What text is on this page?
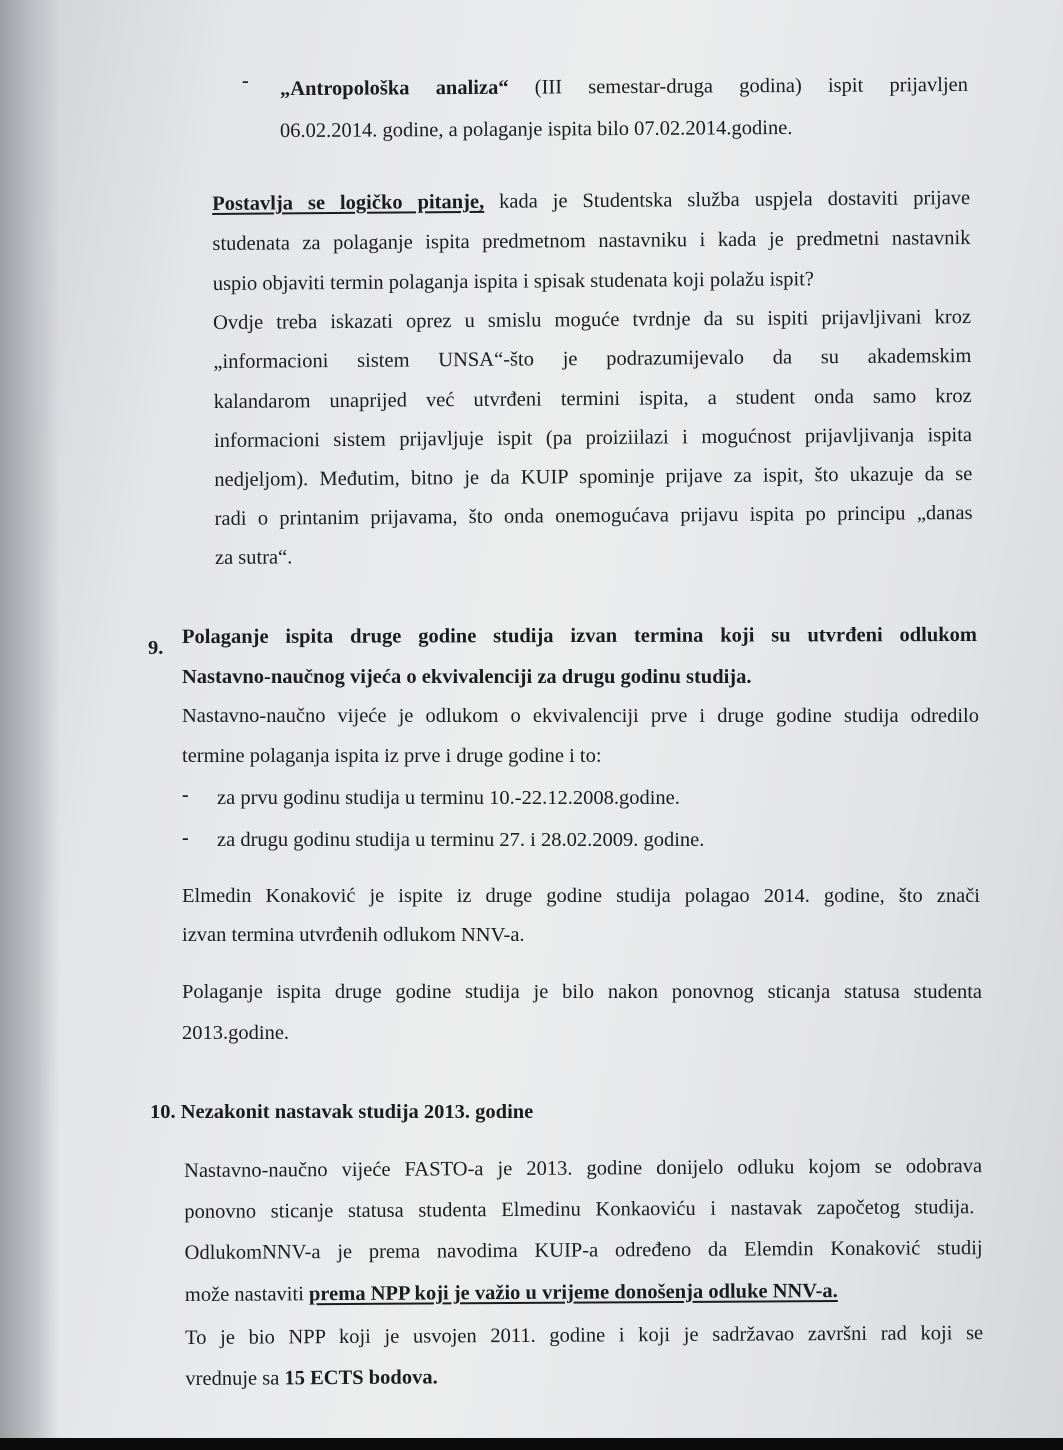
- „Antropološka analiza“ (III semestar-druga godina) ispit prijavljen
06.02.2014. godine, a polaganje ispita bilo 07.02.2014.godine.
Postavlja se logičko pitanje, kada je Studentska služba uspjela dostaviti prijave
studenata za polaganje ispita predmetnom nastavniku i kada je predmetni nastavnik
uspio objaviti termin polaganja ispita i spisak studenata koji polažu ispit?
Ovdje treba iskazati oprez u smislu moguće tvrdnje da su ispiti prijavljivani kroz
„informacioni sistem UNSA“-što je podrazumijevalo da su akademskim
kalandarom unaprijed već utvrđeni termini ispita, a student onda samo kroz
informacioni sistem prijavljuje ispit (pa proiziilazi i mogućnost prijavljivanja ispita
nedjeljom). Međutim, bitno je da KUIP spominje prijave za ispit, što ukazuje da se
radi o printanim prijavama, što onda onemogućava prijavu ispita po principu „danas
za sutra“.
9. Polaganje ispita druge godine studija izvan termina koji su utvrđeni odlukom
Nastavno-naučnog vijeća o ekvivalenciji za drugu godinu studija.
Nastavno-naučno vijeće je odlukom o ekvivalenciji prve i druge godine studija odredilo
termine polaganja ispita iz prve i druge godine i to:
- za prvu godinu studija u terminu 10.-22.12.2008.godine.
- za drugu godinu studija u terminu 27. i 28.02.2009. godine.
Elmedin Konaković je ispite iz druge godine studija polagao 2014. godine, što znači
izvan termina utvrđenih odlukom NNV-a.
Polaganje ispita druge godine studija je bilo nakon ponovnog sticanja statusa studenta
2013.godine.
10. Nezakonit nastavak studija 2013. godine
Nastavno-naučno vijeće FASTO-a je 2013. godine donijelo odluku kojom se odobrava
ponovno sticanje statusa studenta Elmedinu Konkaoviću i nastavak započetog studija.
OdlukomNNV-a je prema navodima KUIP-a određeno da Elemdin Konaković studij
može nastaviti prema NPP koji je važio u vrijeme donošenja odluke NNV-a.
To je bio NPP koji je usvojen 2011. godine i koji je sadržavao završni rad koji se
vrednuje sa 15 ECTS bodova.
